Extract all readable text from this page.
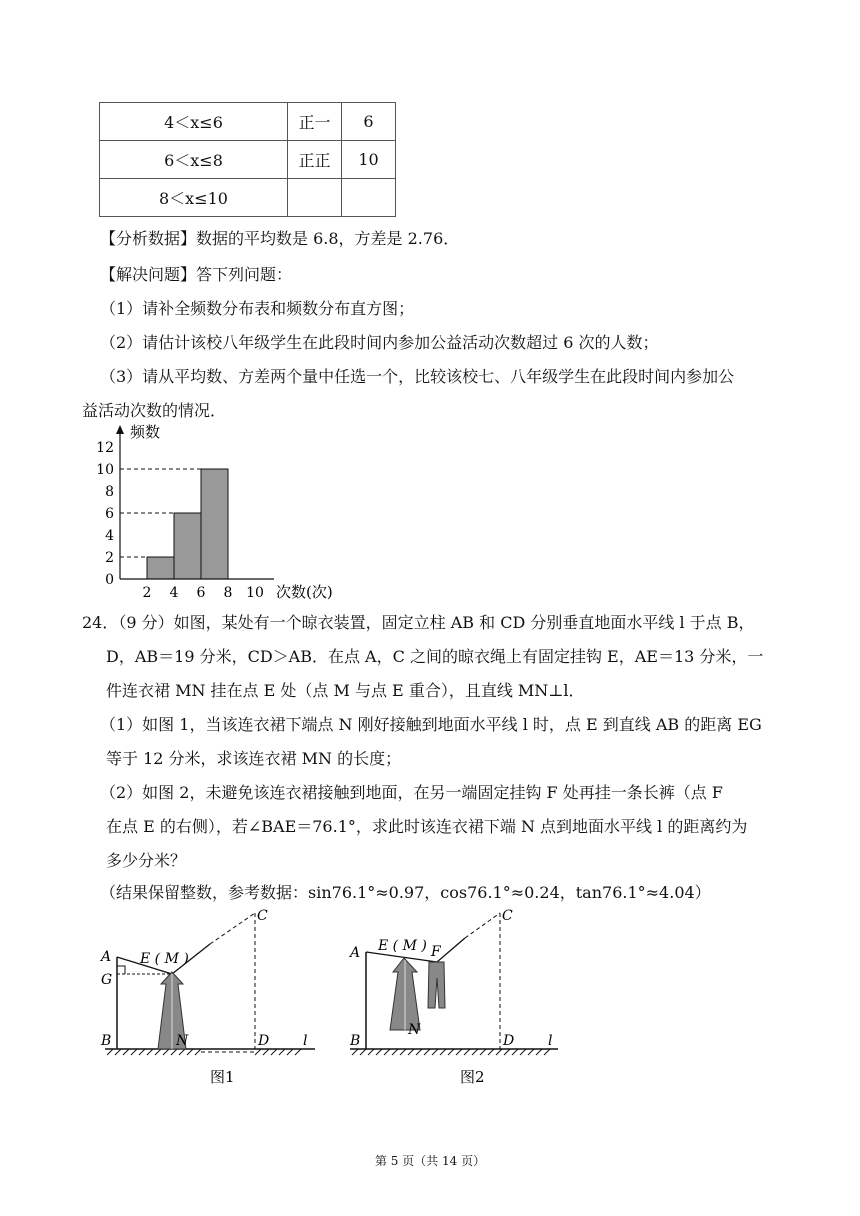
4＜x≤6	正一	6
6＜x≤8	正正	10
8＜x≤10		
【分析数据】数据的平均数是 6.8，方差是 2.76．
【解决问题】答下列问题：
（1）请补全频数分布表和频数分布直方图；
（2）请估计该校八年级学生在此段时间内参加公益活动次数超过 6 次的人数；
（3）请从平均数、方差两个量中任选一个，比较该校七、八年级学生在此段时间内参加公
益活动次数的情况．
0
2
4
6
8
10
12
2 4 6 8 10
频数
次数(次)
24．（9 分）如图，某处有一个晾衣装置，固定立柱 AB 和 CD 分别垂直地面水平线 l 于点 B，
D，AB＝19 分米，CD＞AB．在点 A，C 之间的晾衣绳上有固定挂钩 E，AE＝13 分米，一
件连衣裙 MN 挂在点 E 处（点 M 与点 E 重合），且直线 MN⊥l．
（1）如图 1，当该连衣裙下端点 N 刚好接触到地面水平线 l 时，点 E 到直线 AB 的距离 EG
等于 12 分米，求该连衣裙 MN 的长度；
（2）如图 2，未避免该连衣裙接触到地面，在另一端固定挂钩 F 处再挂一条长裤（点 F
在点 E 的右侧），若∠BAE＝76.1°，求此时该连衣裙下端 N 点到地面水平线 l 的距离约为
多少分米？
（结果保留整数，参考数据：sin76.1°≈0.97，cos76.1°≈0.24，tan76.1°≈4.04）
A
G
B	N	D l
C
E ( M )
图1
A
B
N
D l
C
E ( M ) F
图2
第 5 页（共 14 页）
